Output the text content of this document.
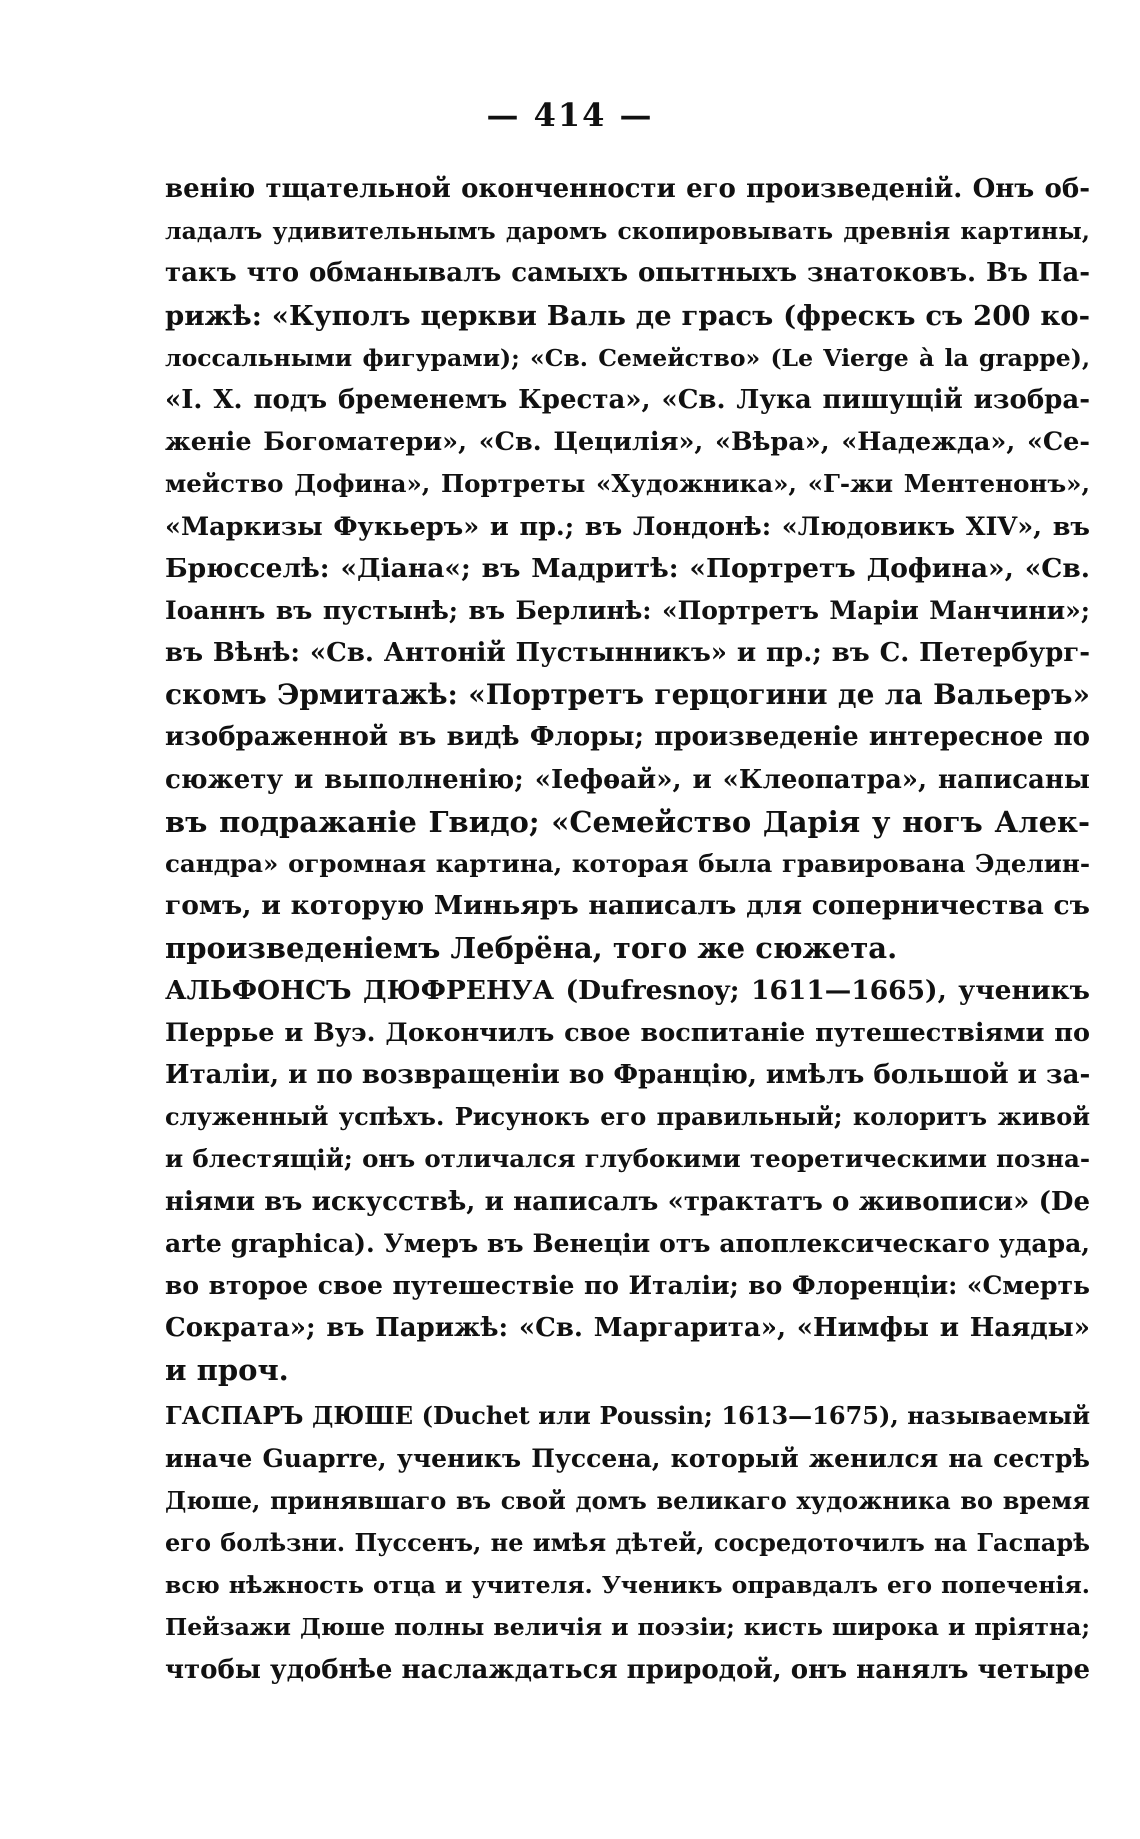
— 414 —
венію тщательной оконченности его произведеній. Онъ об-
ладалъ удивительнымъ даромъ скопировывать древнія картины,
такъ что обманывалъ самыхъ опытныхъ знатоковъ. Въ Па-
рижѣ: «Куполъ церкви Валь де грасъ (фрескъ съ 200 ко-
лоссальными фигурами); «Св. Семейство» (Le Vierge à la grappe),
«I. X. подъ бременемъ Креста», «Св. Лука пишущій изобра-
женіе Богоматери», «Св. Цецилія», «Вѣра», «Надежда», «Се-
мейство Дофина», Портреты «Художника», «Г-жи Ментенонъ»,
«Маркизы Фукьеръ» и пр.; въ Лондонѣ: «Людовикъ XIV», въ
Брюсселѣ: «Діана«; въ Мадритѣ: «Портретъ Дофина», «Св.
Іоаннъ въ пустынѣ; въ Берлинѣ: «Портретъ Маріи Манчини»;
въ Вѣнѣ: «Св. Антоній Пустынникъ» и пр.; въ С. Петербург-
скомъ Эрмитажѣ: «Портретъ герцогини де ла Вальеръ»
изображенной въ видѣ Флоры; произведеніе интересное по
сюжету и выполненію; «Іефѳай», и «Клеопатра», написаны
въ подражаніе Гвидо; «Семейство Дарія у ногъ Алек-
сандра» огромная картина, которая была гравирована Эделин-
гомъ, и которую Миньяръ написалъ для соперничества съ
произведеніемъ Лебрёна, того же сюжета.
АЛЬФОНСЪ ДЮФРЕНУА (Dufresnoy; 1611—1665), ученикъ
Перрье и Вуэ. Докончилъ свое воспитаніе путешествіями по
Италіи, и по возвращеніи во Францію, имѣлъ большой и за-
служенный успѣхъ. Рисунокъ его правильный; колоритъ живой
и блестящій; онъ отличался глубокими теоретическими позна-
ніями въ искусствѣ, и написалъ «трактатъ о живописи» (De
arte graphica). Умеръ въ Венеціи отъ апоплексическаго удара,
во второе свое путешествіе по Италіи; во Флоренціи: «Смерть
Сократа»; въ Парижѣ: «Св. Маргарита», «Нимфы и Наяды»
и проч.
ГАСПАРЪ ДЮШЕ (Duchet или Poussin; 1613—1675), называемый
иначе Guaprre, ученикъ Пуссена, который женился на сестрѣ
Дюше, принявшаго въ свой домъ великаго художника во время
его болѣзни. Пуссенъ, не имѣя дѣтей, сосредоточилъ на Гаспарѣ
всю нѣжность отца и учителя. Ученикъ оправдалъ его попеченія.
Пейзажи Дюше полны величія и поэзіи; кисть широка и пріятна;
чтобы удобнѣе наслаждаться природой, онъ нанялъ четыре
